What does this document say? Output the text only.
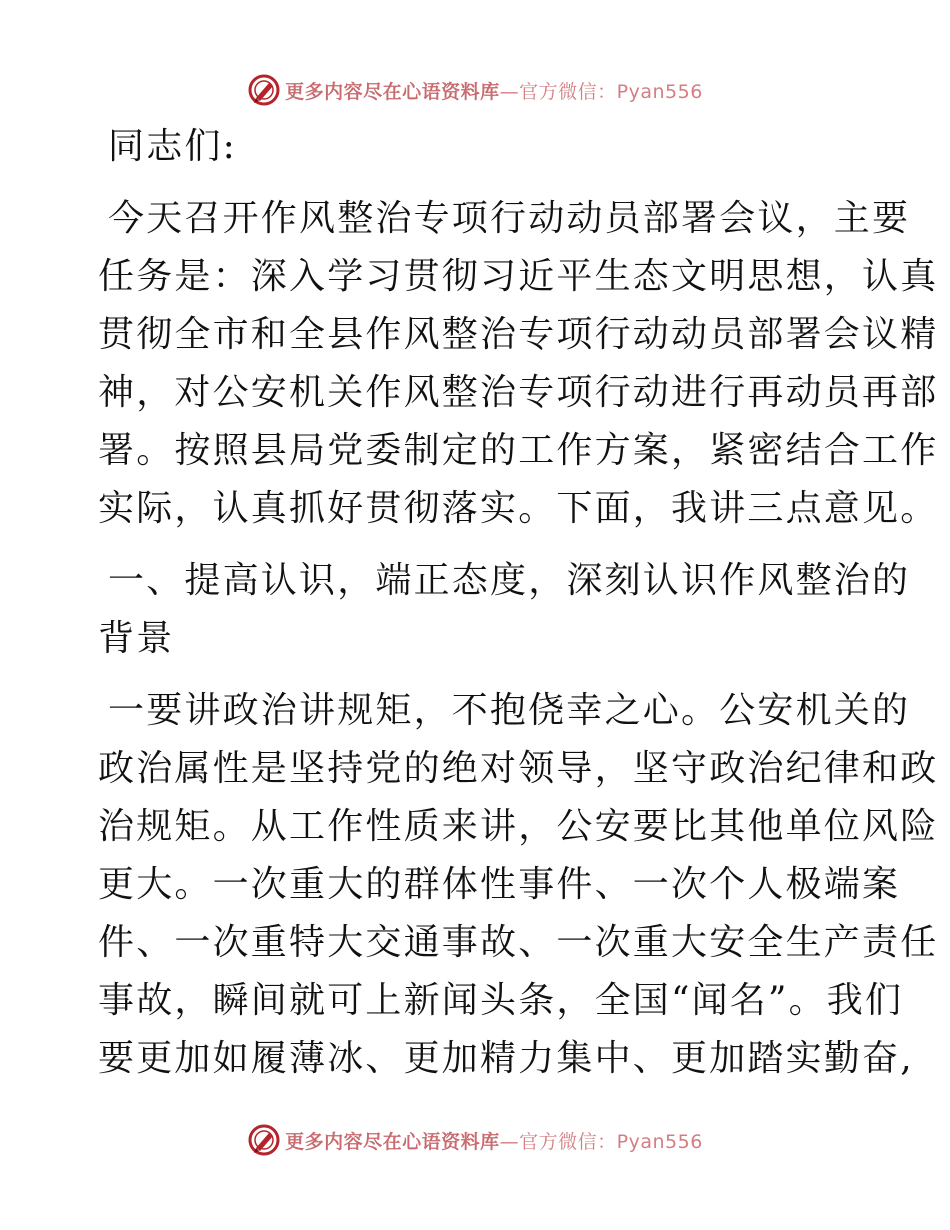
更多内容尽在心语资料库 —官方微信：Pyan556
同志们:
今天召开作风整治专项行动动员部署会议，主要
任务是：深入学习贯彻习近平生态文明思想，认真
贯彻全市和全县作风整治专项行动动员部署会议精
神，对公安机关作风整治专项行动进行再动员再部
署。按照县局党委制定的工作方案，紧密结合工作
实际，认真抓好贯彻落实。下面，我讲三点意见。
一、提高认识，端正态度，深刻认识作风整治的
背景
一要讲政治讲规矩，不抱侥幸之心。公安机关的
政治属性是坚持党的绝对领导，坚守政治纪律和政
治规矩。从工作性质来讲，公安要比其他单位风险
更大。一次重大的群体性事件、一次个人极端案
件、一次重特大交通事故、一次重大安全生产责任
事故，瞬间就可上新闻头条，全国“闻名”。我们
要更加如履薄冰、更加精力集中、更加踏实勤奋,
更多内容尽在心语资料库 —官方微信：Pyan556
